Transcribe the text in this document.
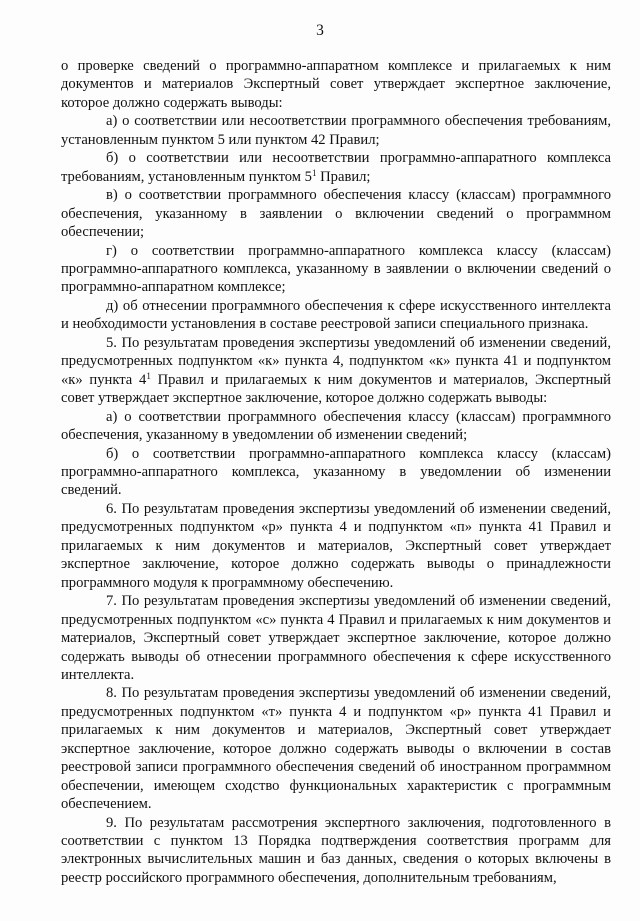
3

о проверке сведений о программно-аппаратном комплексе и прилагаемых к ним документов и материалов Экспертный совет утверждает экспертное заключение, которое должно содержать выводы:

а) о соответствии или несоответствии программного обеспечения требованиям, установленным пунктом 5 или пунктом 42 Правил;

б) о соответствии или несоответствии программно-аппаратного комплекса требованиям, установленным пунктом $5^1$ Правил;

в) о соответствии программного обеспечения классу (классам) программного обеспечения, указанному в заявлении о включении сведений о программном обеспечении;

г) о соответствии программно-аппаратного комплекса классу (классам) программно-аппаратного комплекса, указанному в заявлении о включении сведений о программно-аппаратном комплексе;

д) об отнесении программного обеспечения к сфере искусственного интеллекта и необходимости установления в составе реестровой записи специального признака.

5. По результатам проведения экспертизы уведомлений об изменении сведений, предусмотренных подпунктом «к» пункта 4, подпунктом «к» пункта 41 и подпунктом «к» пункта $4^1$ Правил и прилагаемых к ним документов и материалов, Экспертный совет утверждает экспертное заключение, которое должно содержать выводы:

а) о соответствии программного обеспечения классу (классам) программного обеспечения, указанному в уведомлении об изменении сведений;

б) о соответствии программно-аппаратного комплекса классу (классам) программно-аппаратного комплекса, указанному в уведомлении об изменении сведений.

6. По результатам проведения экспертизы уведомлений об изменении сведений, предусмотренных подпунктом «р» пункта 4 и подпунктом «п» пункта 41 Правил и прилагаемых к ним документов и материалов, Экспертный совет утверждает экспертное заключение, которое должно содержать выводы о принадлежности программного модуля к программному обеспечению.

7. По результатам проведения экспертизы уведомлений об изменении сведений, предусмотренных подпунктом «с» пункта 4 Правил и прилагаемых к ним документов и материалов, Экспертный совет утверждает экспертное заключение, которое должно содержать выводы об отнесении программного обеспечения к сфере искусственного интеллекта.

8. По результатам проведения экспертизы уведомлений об изменении сведений, предусмотренных подпунктом «т» пункта 4 и подпунктом «р» пункта 41 Правил и прилагаемых к ним документов и материалов, Экспертный совет утверждает экспертное заключение, которое должно содержать выводы о включении в состав реестровой записи программного обеспечения сведений об иностранном программном обеспечении, имеющем сходство функциональных характеристик с программным обеспечением.

9. По результатам рассмотрения экспертного заключения, подготовленного в соответствии с пунктом 13 Порядка подтверждения соответствия программ для электронных вычислительных машин и баз данных, сведения о которых включены в реестр российского программного обеспечения, дополнительным требованиям,
